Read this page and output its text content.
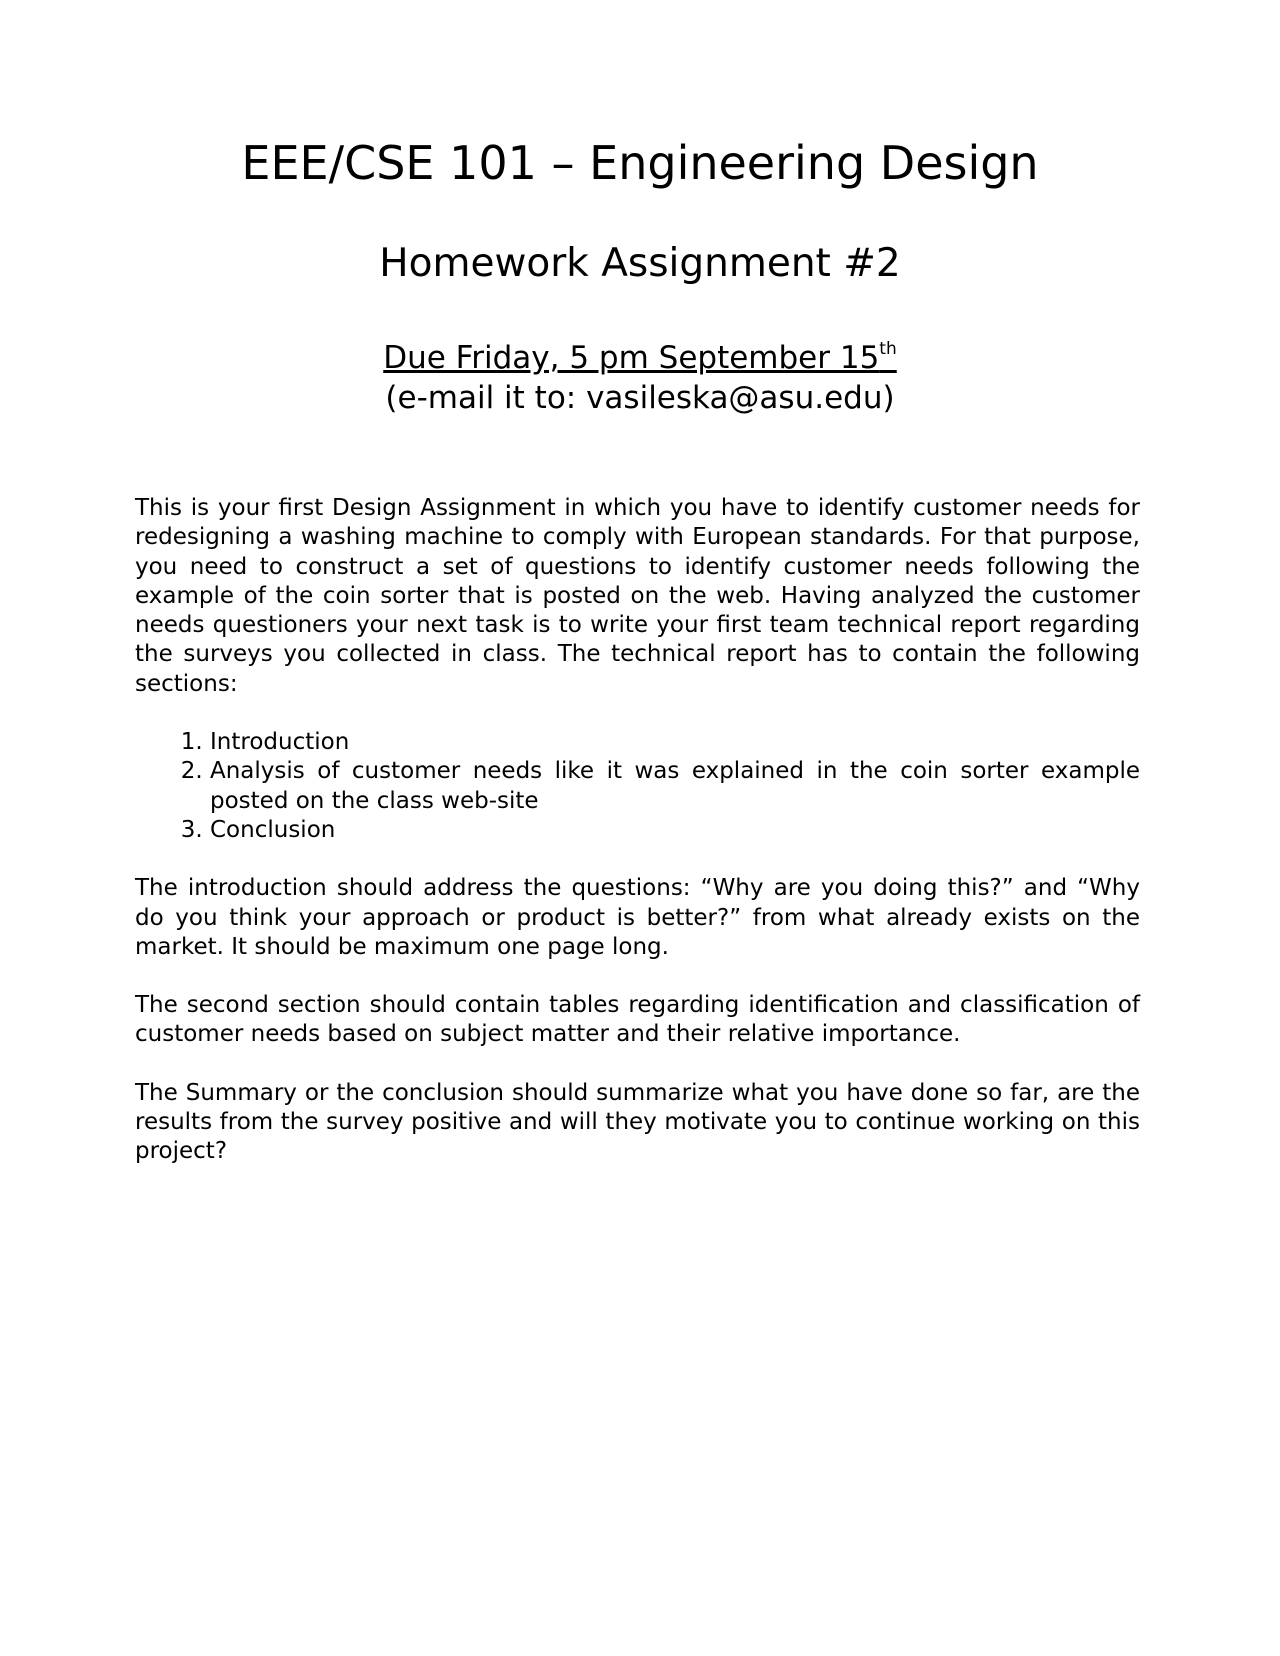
EEE/CSE 101 – Engineering Design
Homework Assignment #2
Due Friday, 5 pm September 15th
(e-mail it to: vasileska@asu.edu)

This is your first Design Assignment in which you have to identify customer needs for redesigning a washing machine to comply with European standards. For that purpose, you need to construct a set of questions to identify customer needs following the example of the coin sorter that is posted on the web. Having analyzed the customer needs questioners your next task is to write your first team technical report regarding the surveys you collected in class. The technical report has to contain the following sections:

1. Introduction
2. Analysis of customer needs like it was explained in the coin sorter example posted on the class web-site
3. Conclusion

The introduction should address the questions: “Why are you doing this?” and “Why do you think your approach or product is better?” from what already exists on the market. It should be maximum one page long.

The second section should contain tables regarding identification and classification of customer needs based on subject matter and their relative importance.

The Summary or the conclusion should summarize what you have done so far, are the results from the survey positive and will they motivate you to continue working on this project?
